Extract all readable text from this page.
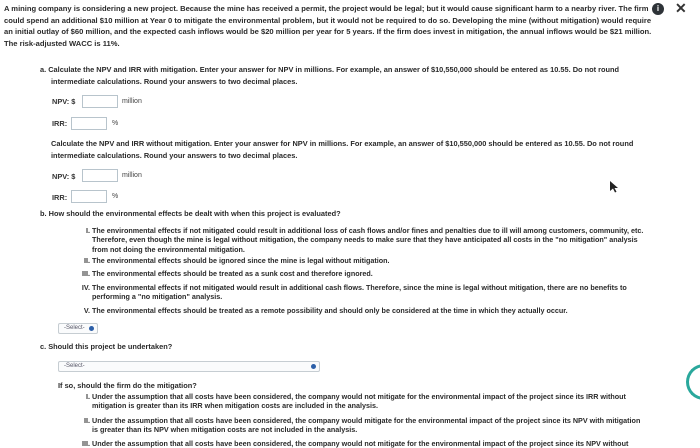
i	✕
A mining company is considering a new project. Because the mine has received a permit, the project would be legal; but it would cause significant harm to a nearby river. The firm
could spend an additional $10 million at Year 0 to mitigate the environmental problem, but it would not be required to do so. Developing the mine (without mitigation) would require
an initial outlay of $60 million, and the expected cash inflows would be $20 million per year for 5 years. If the firm does invest in mitigation, the annual inflows would be $21 million.
The risk-adjusted WACC is 11%.
a. Calculate the NPV and IRR with mitigation. Enter your answer for NPV in millions. For example, an answer of $10,550,000 should be entered as 10.55. Do not round
intermediate calculations. Round your answers to two decimal places.
NPV: $	million
IRR:	%
Calculate the NPV and IRR without mitigation. Enter your answer for NPV in millions. For example, an answer of $10,550,000 should be entered as 10.55. Do not round
intermediate calculations. Round your answers to two decimal places.
NPV: $	million
IRR:	%
b. How should the environmental effects be dealt with when this project is evaluated?
I. The environmental effects if not mitigated could result in additional loss of cash flows and/or fines and penalties due to ill will among customers, community, etc.
Therefore, even though the mine is legal without mitigation, the company needs to make sure that they have anticipated all costs in the "no mitigation" analysis
from not doing the environmental mitigation.
II. The environmental effects should be ignored since the mine is legal without mitigation.
III. The environmental effects should be treated as a sunk cost and therefore ignored.
IV. The environmental effects if not mitigated would result in additional cash flows. Therefore, since the mine is legal without mitigation, there are no benefits to
performing a "no mitigation" analysis.
V. The environmental effects should be treated as a remote possibility and should only be considered at the time in which they actually occur.
-Select-
c. Should this project be undertaken?
-Select-
If so, should the firm do the mitigation?
I. Under the assumption that all costs have been considered, the company would not mitigate for the environmental impact of the project since its IRR without
mitigation is greater than its IRR when mitigation costs are included in the analysis.
II. Under the assumption that all costs have been considered, the company would mitigate for the environmental impact of the project since its NPV with mitigation
is greater than its NPV when mitigation costs are not included in the analysis.
III. Under the assumption that all costs have been considered, the company would not mitigate for the environmental impact of the project since its NPV without
